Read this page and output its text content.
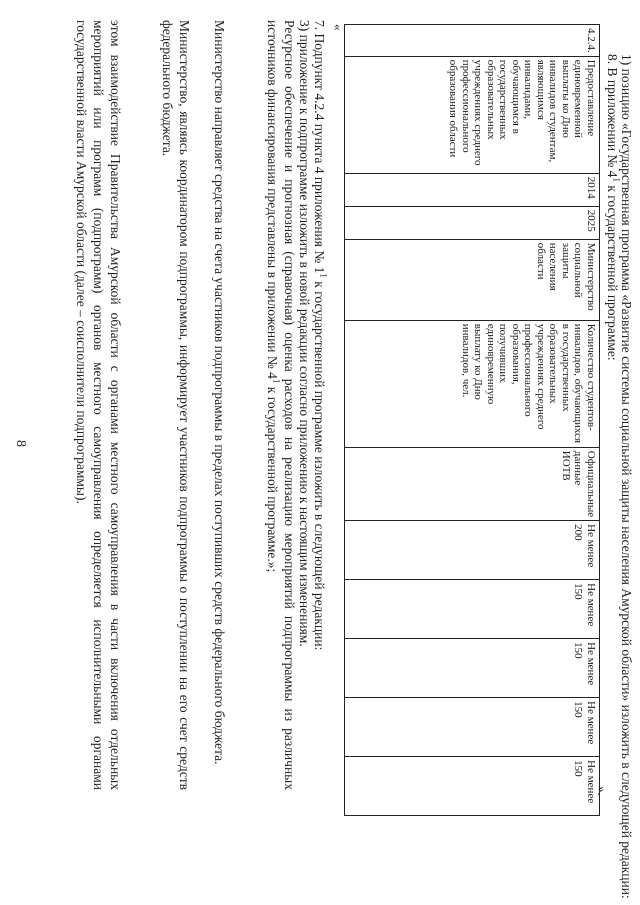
8	этом взаимодействие Правительства Амурской области с органами местного самоуправления в части включения отдельных мероприятий или программ (подпрограмм) органов местного самоуправления определяется исполнительными органами государственной власти Амурской области (далее – соисполнители подпрограммы).	Министерство, являясь координатором подпрограммы, информирует участников подпрограммы о поступлении на его счет средств федерального бюджета.	Министерство направляет средства на счета участников подпрограммы в пределах поступивших средств федерального бюджета.	Ресурсное обеспечение и прогнозная (справочная) оценка расходов на реализацию мероприятий подпрограммы из различных источников финансирования представлены в приложении № $4^1$ к государственной программе.»;	3) приложение к подпрограмме изложить в новой редакции согласно приложению к настоящим изменениям. 7. Подпункт 4.2.4 пункта 4 приложения № $1^1$ к государственной программе изложить в следующей редакции:
«
4.2.4.	Предоставление единовременной выплаты ко Дню инвалидов студентам, являющимся инвалидами, обучающимся в государственных образовательных учреждениях среднего профессионального образования области	2014	2025	Министерство социальной защиты населения области	Количество студентов-инвалидов, обучающихся в государственных образовательных учреждениях среднего профессионального образования, получивших единовременную выплату ко Дню инвалидов, чел.	Официальные данные ИОТВ	Не менее 200	Не менее 150	Не менее 150	Не менее 150	Не менее 150
».
8. В приложении № $4^1$ к государственной программе: 1) позицию «Государственная программа «Развитие системы социальной защиты населения Амурской области» изложить в следующей редакции:
